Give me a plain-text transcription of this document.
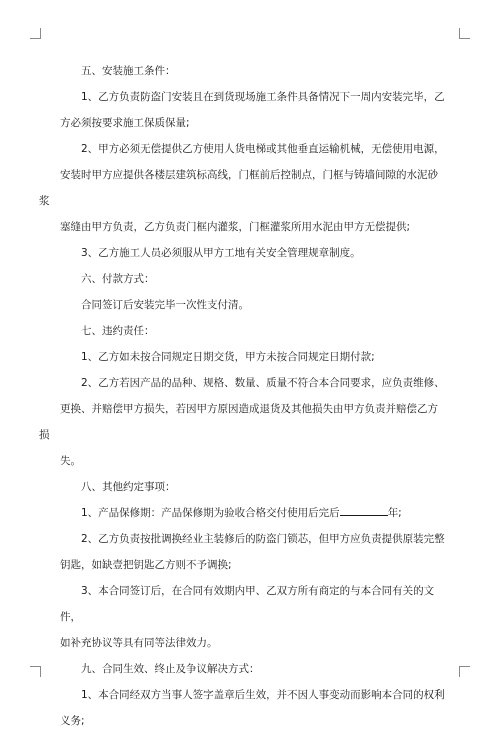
五、安装施工条件：

1、乙方负责防盗门安装且在到货现场施工条件具备情况下一周内安装完毕，乙
方必须按要求施工保质保量;

2、甲方必须无偿提供乙方使用人货电梯或其他垂直运输机械，无偿使用电源，
安装时甲方应提供各楼层建筑标高线，门框前后控制点，门框与铸墙间隙的水泥砂浆
塞缝由甲方负责，乙方负责门框内灌浆，门框灌浆所用水泥由甲方无偿提供;

3、乙方施工人员必须服从甲方工地有关安全管理规章制度。

六、付款方式：

合同签订后安装完毕一次性支付清。

七、违约责任：

1、乙方如未按合同规定日期交货，甲方未按合同规定日期付款;

2、乙方若因产品的品种、规格、数量、质量不符合本合同要求，应负责维修、
更换、并赔偿甲方损失，若因甲方原因造成退货及其他损失由甲方负责并赔偿乙方损
失。

八、其他约定事项：

1、产品保修期：产品保修期为验收合格交付使用后完后	年;

2、乙方负责按批调换经业主装修后的防盗门锁芯，但甲方应负责提供原装完整
钥匙，如缺壹把钥匙乙方则不予调换;

3、本合同签订后，在合同有效期内甲、乙双方所有商定的与本合同有关的文件，
如补充协议等具有同等法律效力。

九、合同生效、终止及争议解决方式：

1、本合同经双方当事人签字盖章后生效，并不因人事变动而影响本合同的权利
义务;
